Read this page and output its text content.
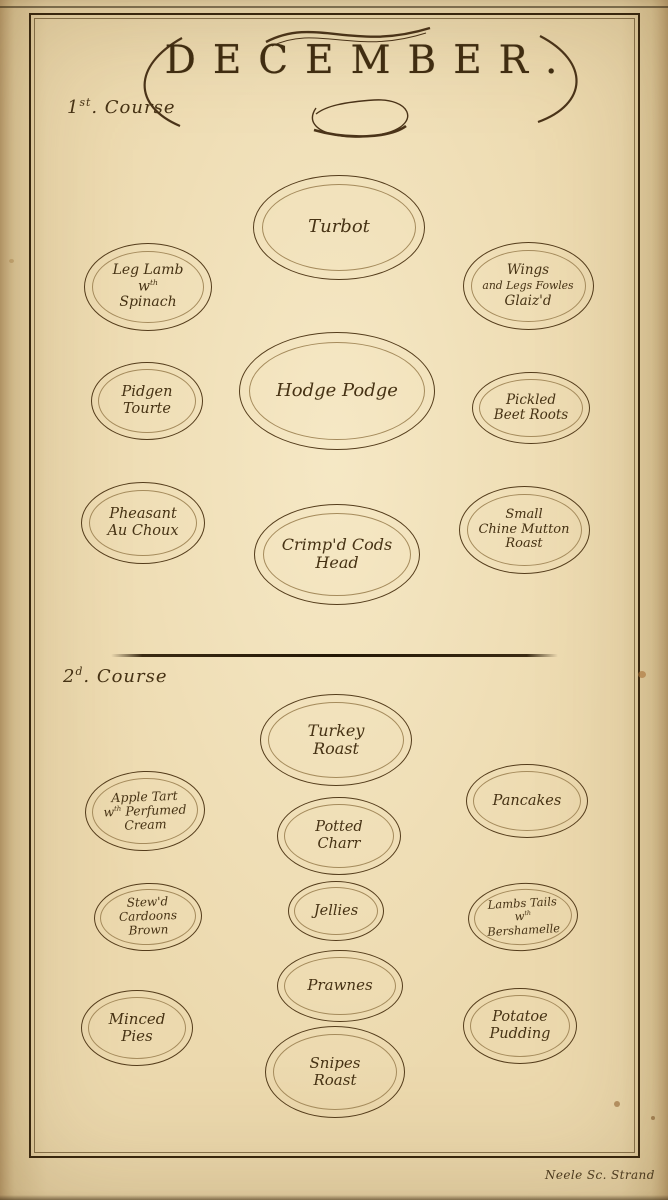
DECEMBER.
1st. Course
2$^d$. Course
Turbot
Leg Lamb
$w^{th}$
Spinach
Wings
and Legs Fowles
Glaiz'd
Pidgen
Tourte
Hodge Podge	Pickled
Beet Roots
Pheasant
Au Choux
Crimp'd Cods
Head
Small
Chine Mutton
Roast
Turkey
Roast
Apple Tart
$w^{th}$ Perfumed
Cream
Pancakes
Potted
Charr
Stew'd
Cardoons
Brown
Jellies	Lambs Tails
$w^{th}$
Bershamelle
Prawnes
Minced
Pies
Potatoe
Pudding
Snipes
Roast
Neele Sc. Strand
